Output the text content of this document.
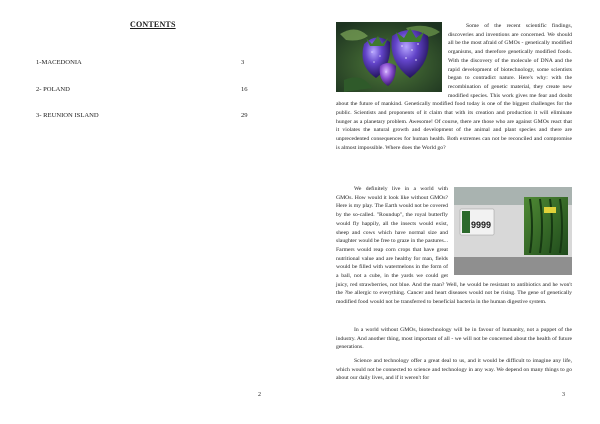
CONTENTS
1-MACEDONIA	3
2- POLAND	16
3- REUNION ISLAND	29
2	3
Some of the recent scientific findings, discoveries and inventions are concerned. We should all be the most afraid of GMOs - genetically modified organisms, and therefore genetically modified foods. With the discovery of the molecule of DNA and the rapid development of biotechnology, some scientists began to contradict nature. Here's why: with the recombination of genetic material, they create new modified species. This work gives me fear and doubt about the future of mankind. Genetically modified food today is one of the biggest challenges for the public. Scientists and proponents of it claim that with its creation and production it will eliminate hunger as a planetary problem. Awesome! Of course, there are those who are against GMOs react that it violates the natural growth and development of the animal and plant species and there are unprecedented consequences for human health. Both extremes can not be reconciled and compromise is almost impossible. Where does the World go?
9999
We definitely live in a world with GMOs. How would it look like without GMOs? Here is my play. The Earth would not be covered by the so-called. "Roundup", the royal butterfly would fly happily, all the insects would exist, sheep and cows which have normal size and slaughter would be free to graze in the pastures... Farmers would reap corn crops that have great nutritional value and are healthy for man, fields would be filled with watermelons in the form of a ball, not a cube, in the yards we could get juicy, red strawberries, not blue. And the man? Well, he would be resistant to antibiotics and he won't the ?be allergic to everything. Cancer and heart diseases would not be rising. The gene of genetically modified food would not be transferred to beneficial bacteria in the human digestive system.
In a world without GMOs, biotechnology will be in favour of humanity, not a puppet of the industry. And another thing, most important of all - we will not be concerned about the health of future generations.
Science and technology offer a great deal to us, and it would be difficult to imagine any life, which would not be connected to science and technology in any way. We depend on many things to go about our daily lives, and if it weren't for
